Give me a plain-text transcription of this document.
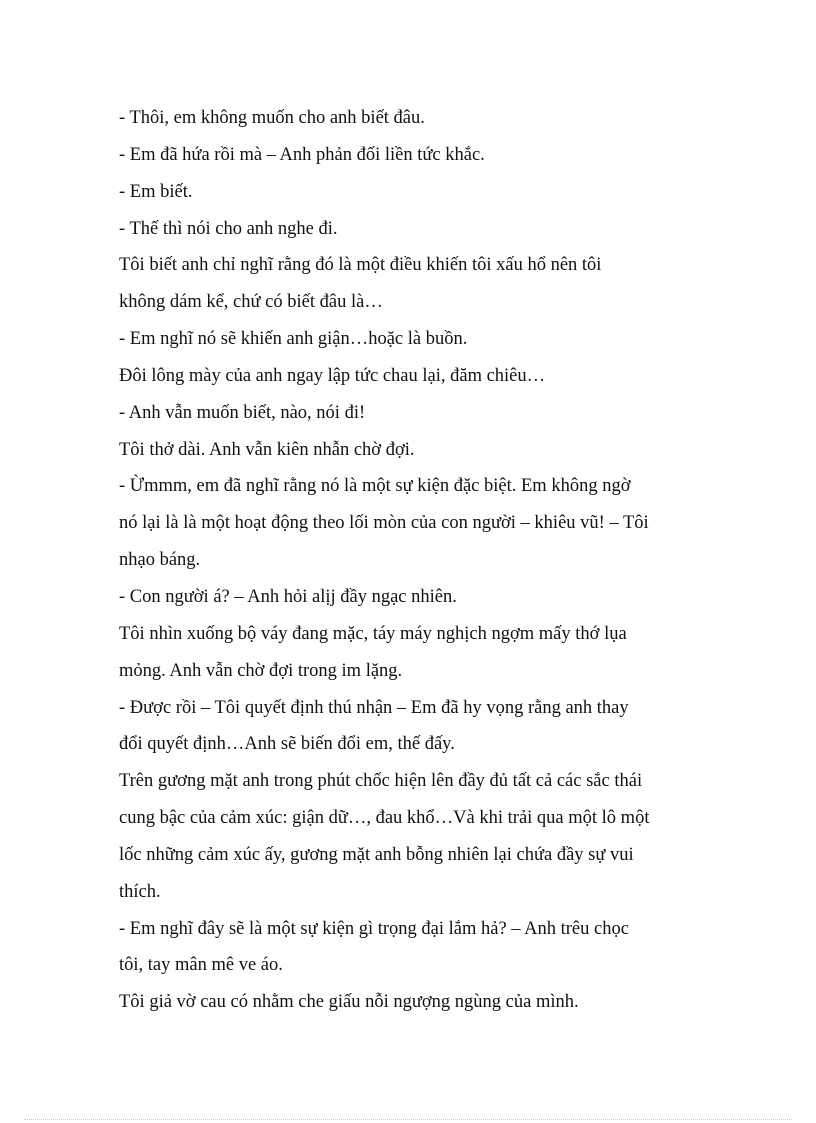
- Thôi, em không muốn cho anh biết đâu.
- Em đã hứa rồi mà – Anh phản đối liền tức khắc.
- Em biết.
- Thế thì nói cho anh nghe đi.
Tôi biết anh chỉ nghĩ rằng đó là một điều khiến tôi xấu hổ nên tôi
không dám kể, chứ có biết đâu là…
- Em nghĩ nó sẽ khiến anh giận…hoặc là buồn.
Đôi lông mày của anh ngay lập tức chau lại, đăm chiêu…
- Anh vẫn muốn biết, nào, nói đi!
Tôi thở dài. Anh vẫn kiên nhẫn chờ đợi.
- Ừmmm, em đã nghĩ rằng nó là một sự kiện đặc biệt. Em không ngờ
nó lại là là một hoạt động theo lối mòn của con người – khiêu vũ! – Tôi
nhạo báng.
- Con người á? – Anh hỏi alịj đầy ngạc nhiên.
Tôi nhìn xuống bộ váy đang mặc, táy máy nghịch ngợm mấy thớ lụa
mỏng. Anh vẫn chờ đợi trong im lặng.
- Được rồi – Tôi quyết định thú nhận – Em đã hy vọng rằng anh thay
đổi quyết định…Anh sẽ biến đổi em, thế đấy.
Trên gương mặt anh trong phút chốc hiện lên đầy đủ tất cả các sắc thái
cung bậc của cảm xúc: giận dữ…, đau khổ…Và khi trải qua một lô một
lốc những cảm xúc ấy, gương mặt anh bỗng nhiên lại chứa đầy sự vui
thích.
- Em nghĩ đây sẽ là một sự kiện gì trọng đại lắm hả? – Anh trêu chọc
tôi, tay mân mê ve áo.
Tôi giả vờ cau có nhằm che giấu nỗi ngượng ngùng của mình.
